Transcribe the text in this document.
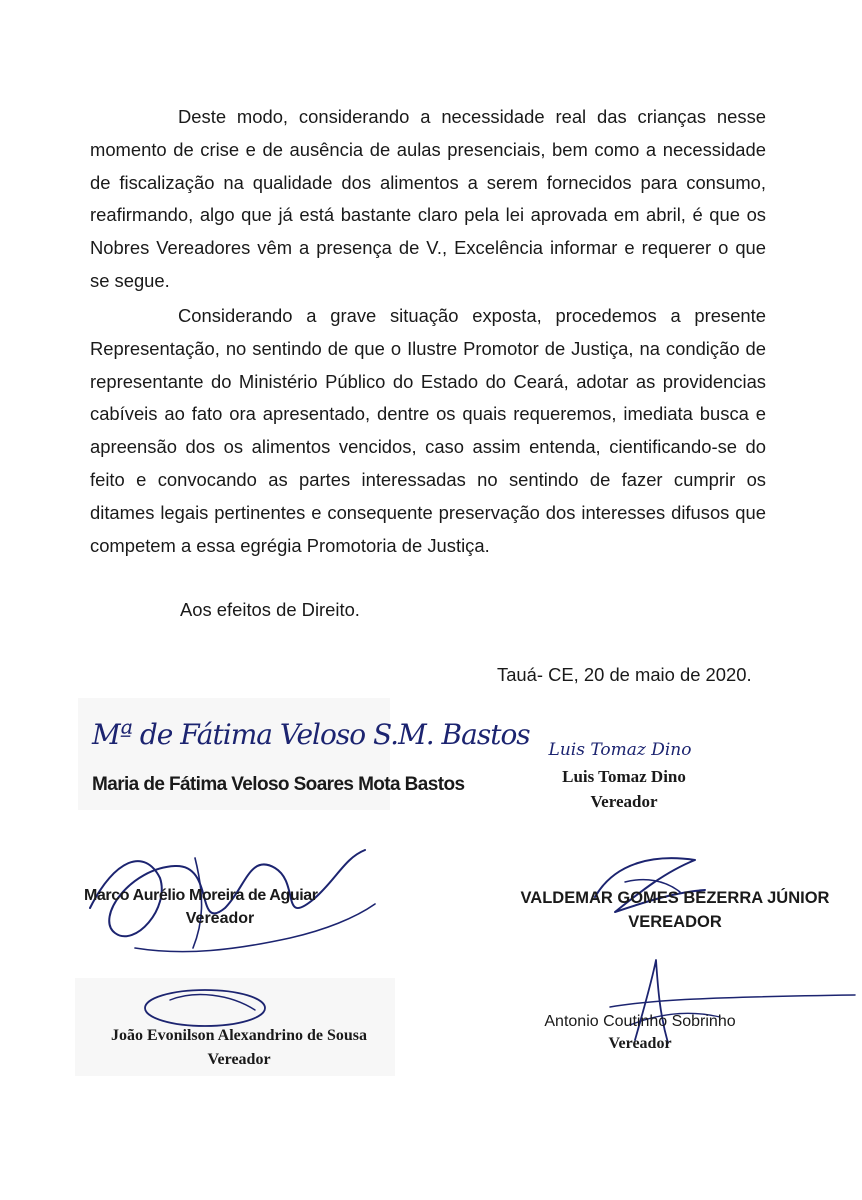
Deste modo, considerando a necessidade real das crianças nesse momento de crise e de ausência de aulas presenciais, bem como a necessidade de fiscalização na qualidade dos alimentos a serem fornecidos para consumo, reafirmando, algo que já está bastante claro pela lei aprovada em abril, é que os Nobres Vereadores vêm a presença de V., Excelência informar e requerer o que se segue.

Considerando a grave situação exposta, procedemos a presente Representação, no sentindo de que o Ilustre Promotor de Justiça, na condição de representante do Ministério Público do Estado do Ceará, adotar as providencias cabíveis ao fato ora apresentado, dentre os quais requeremos, imediata busca e apreensão dos os alimentos vencidos, caso assim entenda, cientificando-se do feito e convocando as partes interessadas no sentindo de fazer cumprir os ditames legais pertinentes e consequente preservação dos interesses difusos que competem a essa egrégia Promotoria de Justiça.

Aos efeitos de Direito.
Tauá- CE, 20 de maio de 2020.
Mª de Fátima Veloso S.M. Bastos
Maria de Fátima Veloso Soares Mota Bastos
Luis Tomaz Dino
Luis Tomaz Dino
Vereador
Marco Aurélio Moreira de Aguiar
Vereador
VALDEMAR GOMES BEZERRA JÚNIOR
VEREADOR
João Evonilson Alexandrino de Sousa
Vereador
Antonio Coutinho Sobrinho
Vereador
